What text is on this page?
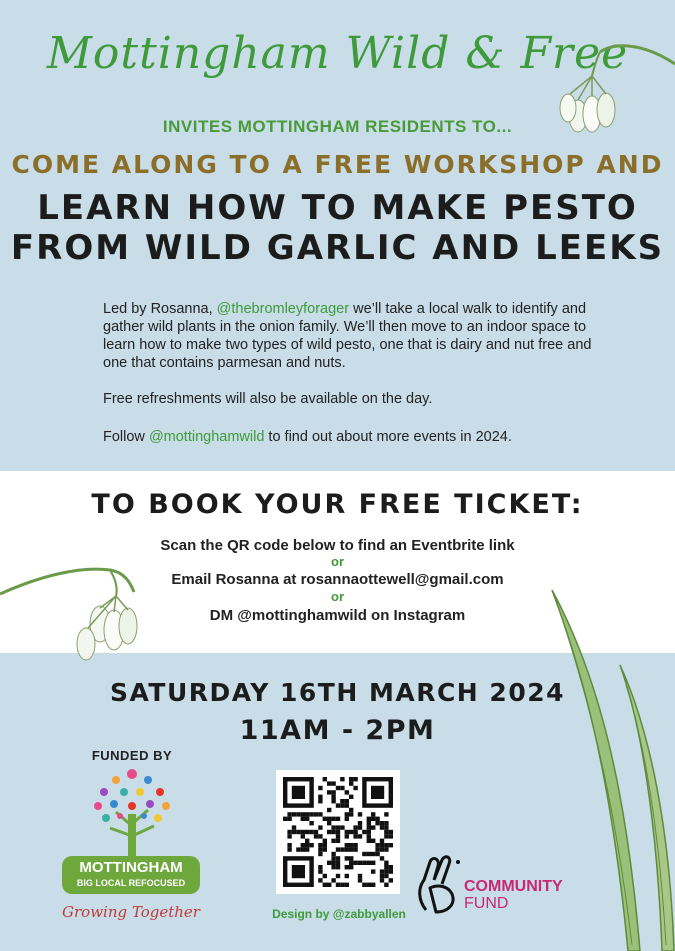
Mottingham Wild & Free
INVITES MOTTINGHAM RESIDENTS TO...
COME ALONG TO A FREE WORKSHOP AND
LEARN HOW TO MAKE PESTO
FROM WILD GARLIC AND LEEKS
Led by Rosanna, @thebromleyforager we’ll take a local walk to identify and gather wild plants in the onion family. We’ll then move to an indoor space to learn how to make two types of wild pesto, one that is dairy and nut free and one that contains parmesan and nuts.
Free refreshments will also be available on the day.
Follow @mottinghamwild to find out about more events in 2024.
TO BOOK YOUR FREE TICKET:
Scan the QR code below to find an Eventbrite link
or
Email Rosanna at rosannaottewell@gmail.com
or
DM @mottinghamwild on Instagram
SATURDAY 16TH MARCH 2024
11AM - 2PM
FUNDED BY
MOTTINGHAM
BIG LOCAL REFOCUSED
Growing Together	Design by @zabbyallen
COMMUNITY
FUND
